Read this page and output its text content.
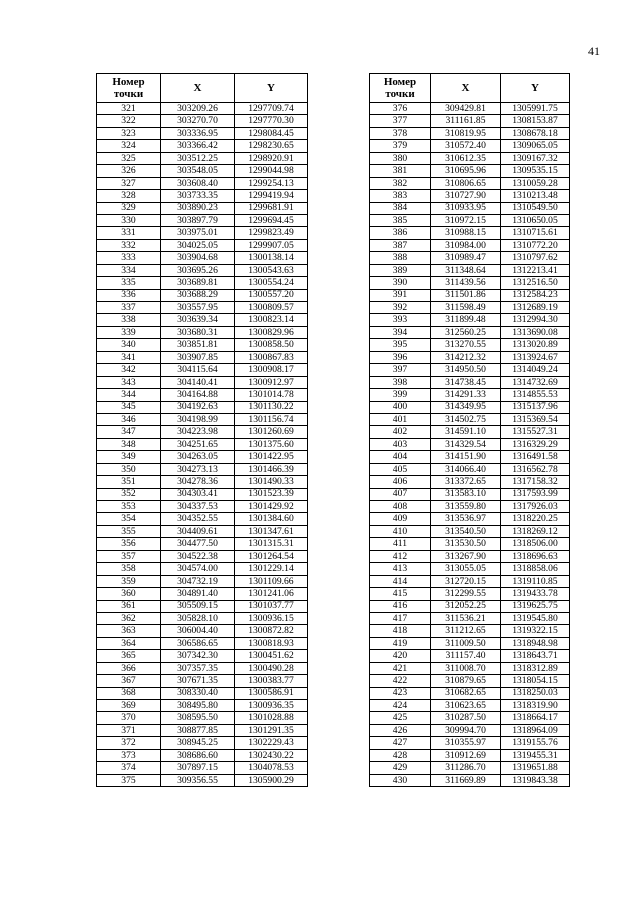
41
Номер точки	X	Y
321	303209.26	1297709.74
322	303270.70	1297770.30
323	303336.95	1298084.45
324	303366.42	1298230.65
325	303512.25	1298920.91
326	303548.05	1299044.98
327	303608.40	1299254.13
328	303733.35	1299419.94
329	303890.23	1299681.91
330	303897.79	1299694.45
331	303975.01	1299823.49
332	304025.05	1299907.05
333	303904.68	1300138.14
334	303695.26	1300543.63
335	303689.81	1300554.24
336	303688.29	1300557.20
337	303557.95	1300809.57
338	303639.34	1300823.14
339	303680.31	1300829.96
340	303851.81	1300858.50
341	303907.85	1300867.83
342	304115.64	1300908.17
343	304140.41	1300912.97
344	304164.88	1301014.78
345	304192.63	1301130.22
346	304198.99	1301156.74
347	304223.98	1301260.69
348	304251.65	1301375.60
349	304263.05	1301422.95
350	304273.13	1301466.39
351	304278.36	1301490.33
352	304303.41	1301523.39
353	304337.53	1301429.92
354	304352.55	1301384.60
355	304409.61	1301347.61
356	304477.50	1301315.31
357	304522.38	1301264.54
358	304574.00	1301229.14
359	304732.19	1301109.66
360	304891.40	1301241.06
361	305509.15	1301037.77
362	305828.10	1300936.15
363	306004.40	1300872.82
364	306586.65	1300818.93
365	307342.30	1300451.62
366	307357.35	1300490.28
367	307671.35	1300383.77
368	308330.40	1300586.91
369	308495.80	1300936.35
370	308595.50	1301028.88
371	308877.85	1301291.35
372	308945.25	1302229.43
373	308686.60	1302430.22
374	307897.15	1304078.53
375	309356.55	1305900.29
Номер точки	X	Y
376	309429.81	1305991.75
377	311161.85	1308153.87
378	310819.95	1308678.18
379	310572.40	1309065.05
380	310612.35	1309167.32
381	310695.96	1309535.15
382	310806.65	1310059.28
383	310727.90	1310213.48
384	310933.95	1310549.50
385	310972.15	1310650.05
386	310988.15	1310715.61
387	310984.00	1310772.20
388	310989.47	1310797.62
389	311348.64	1312213.41
390	311439.56	1312516.50
391	311501.86	1312584.23
392	311598.49	1312689.19
393	311899.48	1312994.30
394	312560.25	1313690.08
395	313270.55	1313020.89
396	314212.32	1313924.67
397	314950.50	1314049.24
398	314738.45	1314732.69
399	314291.33	1314855.53
400	314349.95	1315137.96
401	314502.75	1315369.54
402	314591.10	1315527.31
403	314329.54	1316329.29
404	314151.90	1316491.58
405	314066.40	1316562.78
406	313372.65	1317158.32
407	313583.10	1317593.99
408	313559.80	1317926.03
409	313536.97	1318220.25
410	313540.50	1318269.12
411	313530.50	1318506.00
412	313267.90	1318696.63
413	313055.05	1318858.06
414	312720.15	1319110.85
415	312299.55	1319433.78
416	312052.25	1319625.75
417	311536.21	1319545.80
418	311212.65	1319322.15
419	311009.50	1318948.98
420	311157.40	1318643.71
421	311008.70	1318312.89
422	310879.65	1318054.15
423	310682.65	1318250.03
424	310623.65	1318319.90
425	310287.50	1318664.17
426	309994.70	1318964.09
427	310355.97	1319155.76
428	310912.69	1319455.31
429	311286.70	1319651.88
430	311669.89	1319843.38
